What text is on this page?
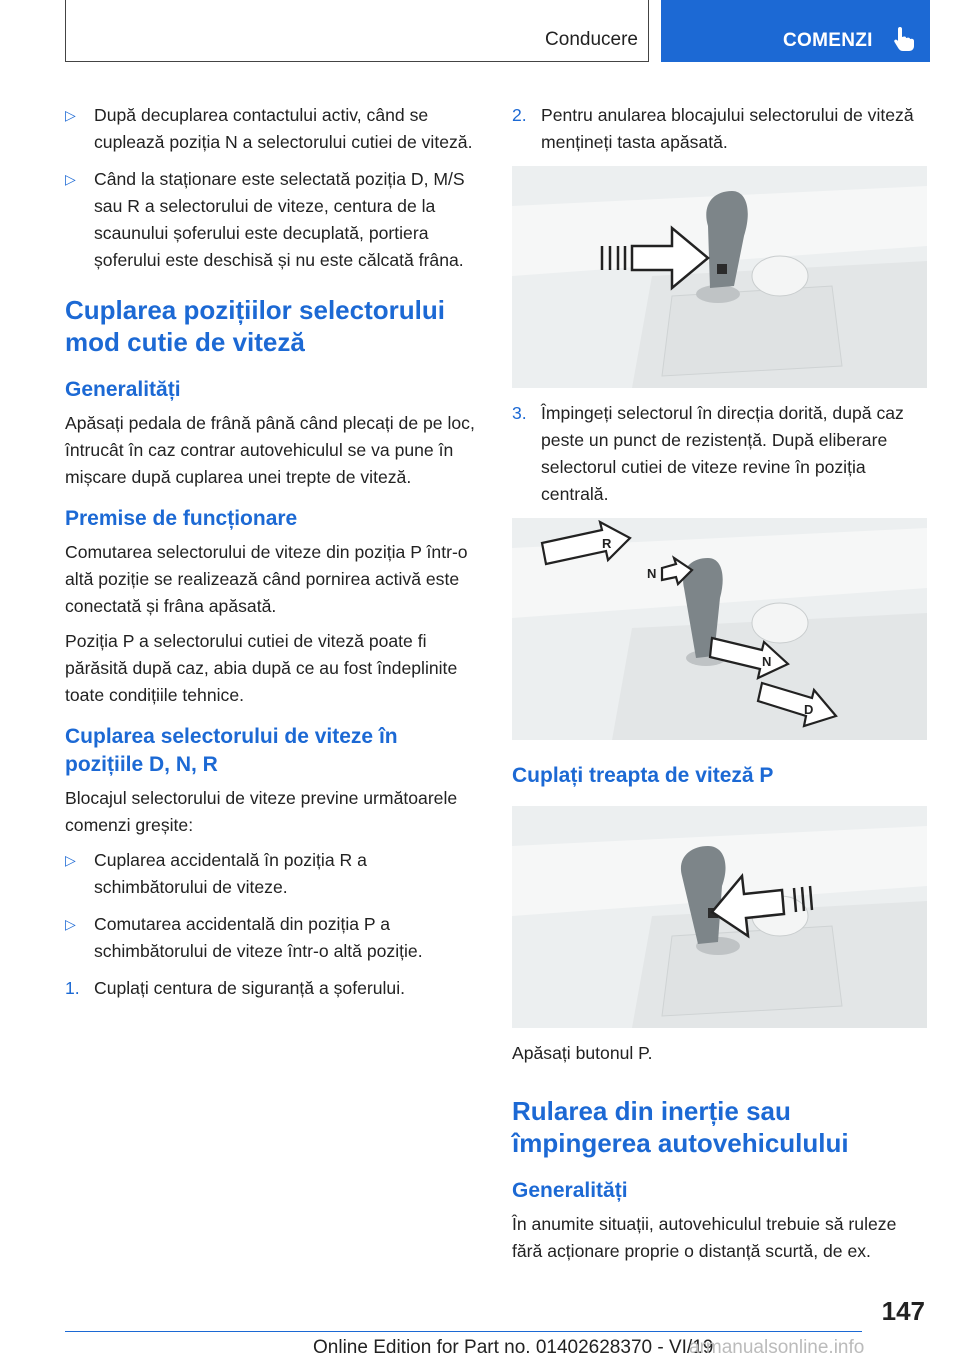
Conducere	COMENZI
▷ După decuplarea contactului activ, când se cuplează poziția N a selectorului cutiei de viteză.
▷ Când la staționare este selectată poziția D, M/S sau R a selectorului de viteze, centura de la scaunului șoferului este decuplată, portiera șoferului este deschisă și nu este călcată frâna.
Cuplarea pozițiilor selectorului mod cutie de viteză
Generalități

Apăsați pedala de frână până când plecați de pe loc, întrucât în caz contrar autovehiculul se va pune în mișcare după cuplarea unei trepte de viteză.

Premise de funcționare

Comutarea selectorului de viteze din poziția P într-o altă poziție se realizează când pornirea activă este conectată și frâna apăsată.

Poziția P a selectorului cutiei de viteză poate fi părăsită după caz, abia după ce au fost îndeplinite toate condițiile tehnice.

Cuplarea selectorului de viteze în pozițiile D, N, R

Blocajul selectorului de viteze previne următoarele comenzi greșite:

▷ Cuplarea accidentală în poziția R a schimbătorului de viteze.
▷ Comutarea accidentală din poziția P a schimbătorului de viteze într-o altă poziție.
1. Cuplați centura de siguranță a șoferului.
2. Pentru anularea blocajului selectorului de viteză mențineți tasta apăsată.
3. Împingeți selectorul în direcția dorită, după caz peste un punct de rezistență. După eliberare selectorul cutiei de viteze revine în poziția centrală.
R
N
N
D
Cuplați treapta de viteză P

Apăsați butonul P.

Rularea din inerție sau împingerea autovehiculului
Generalități

În anumite situații, autovehiculul trebuie să ruleze fără acționare proprie o distanță scurtă, de ex.

147
Online Edition for Part no. 01402628370 - VI/19
armanualsonline.info
